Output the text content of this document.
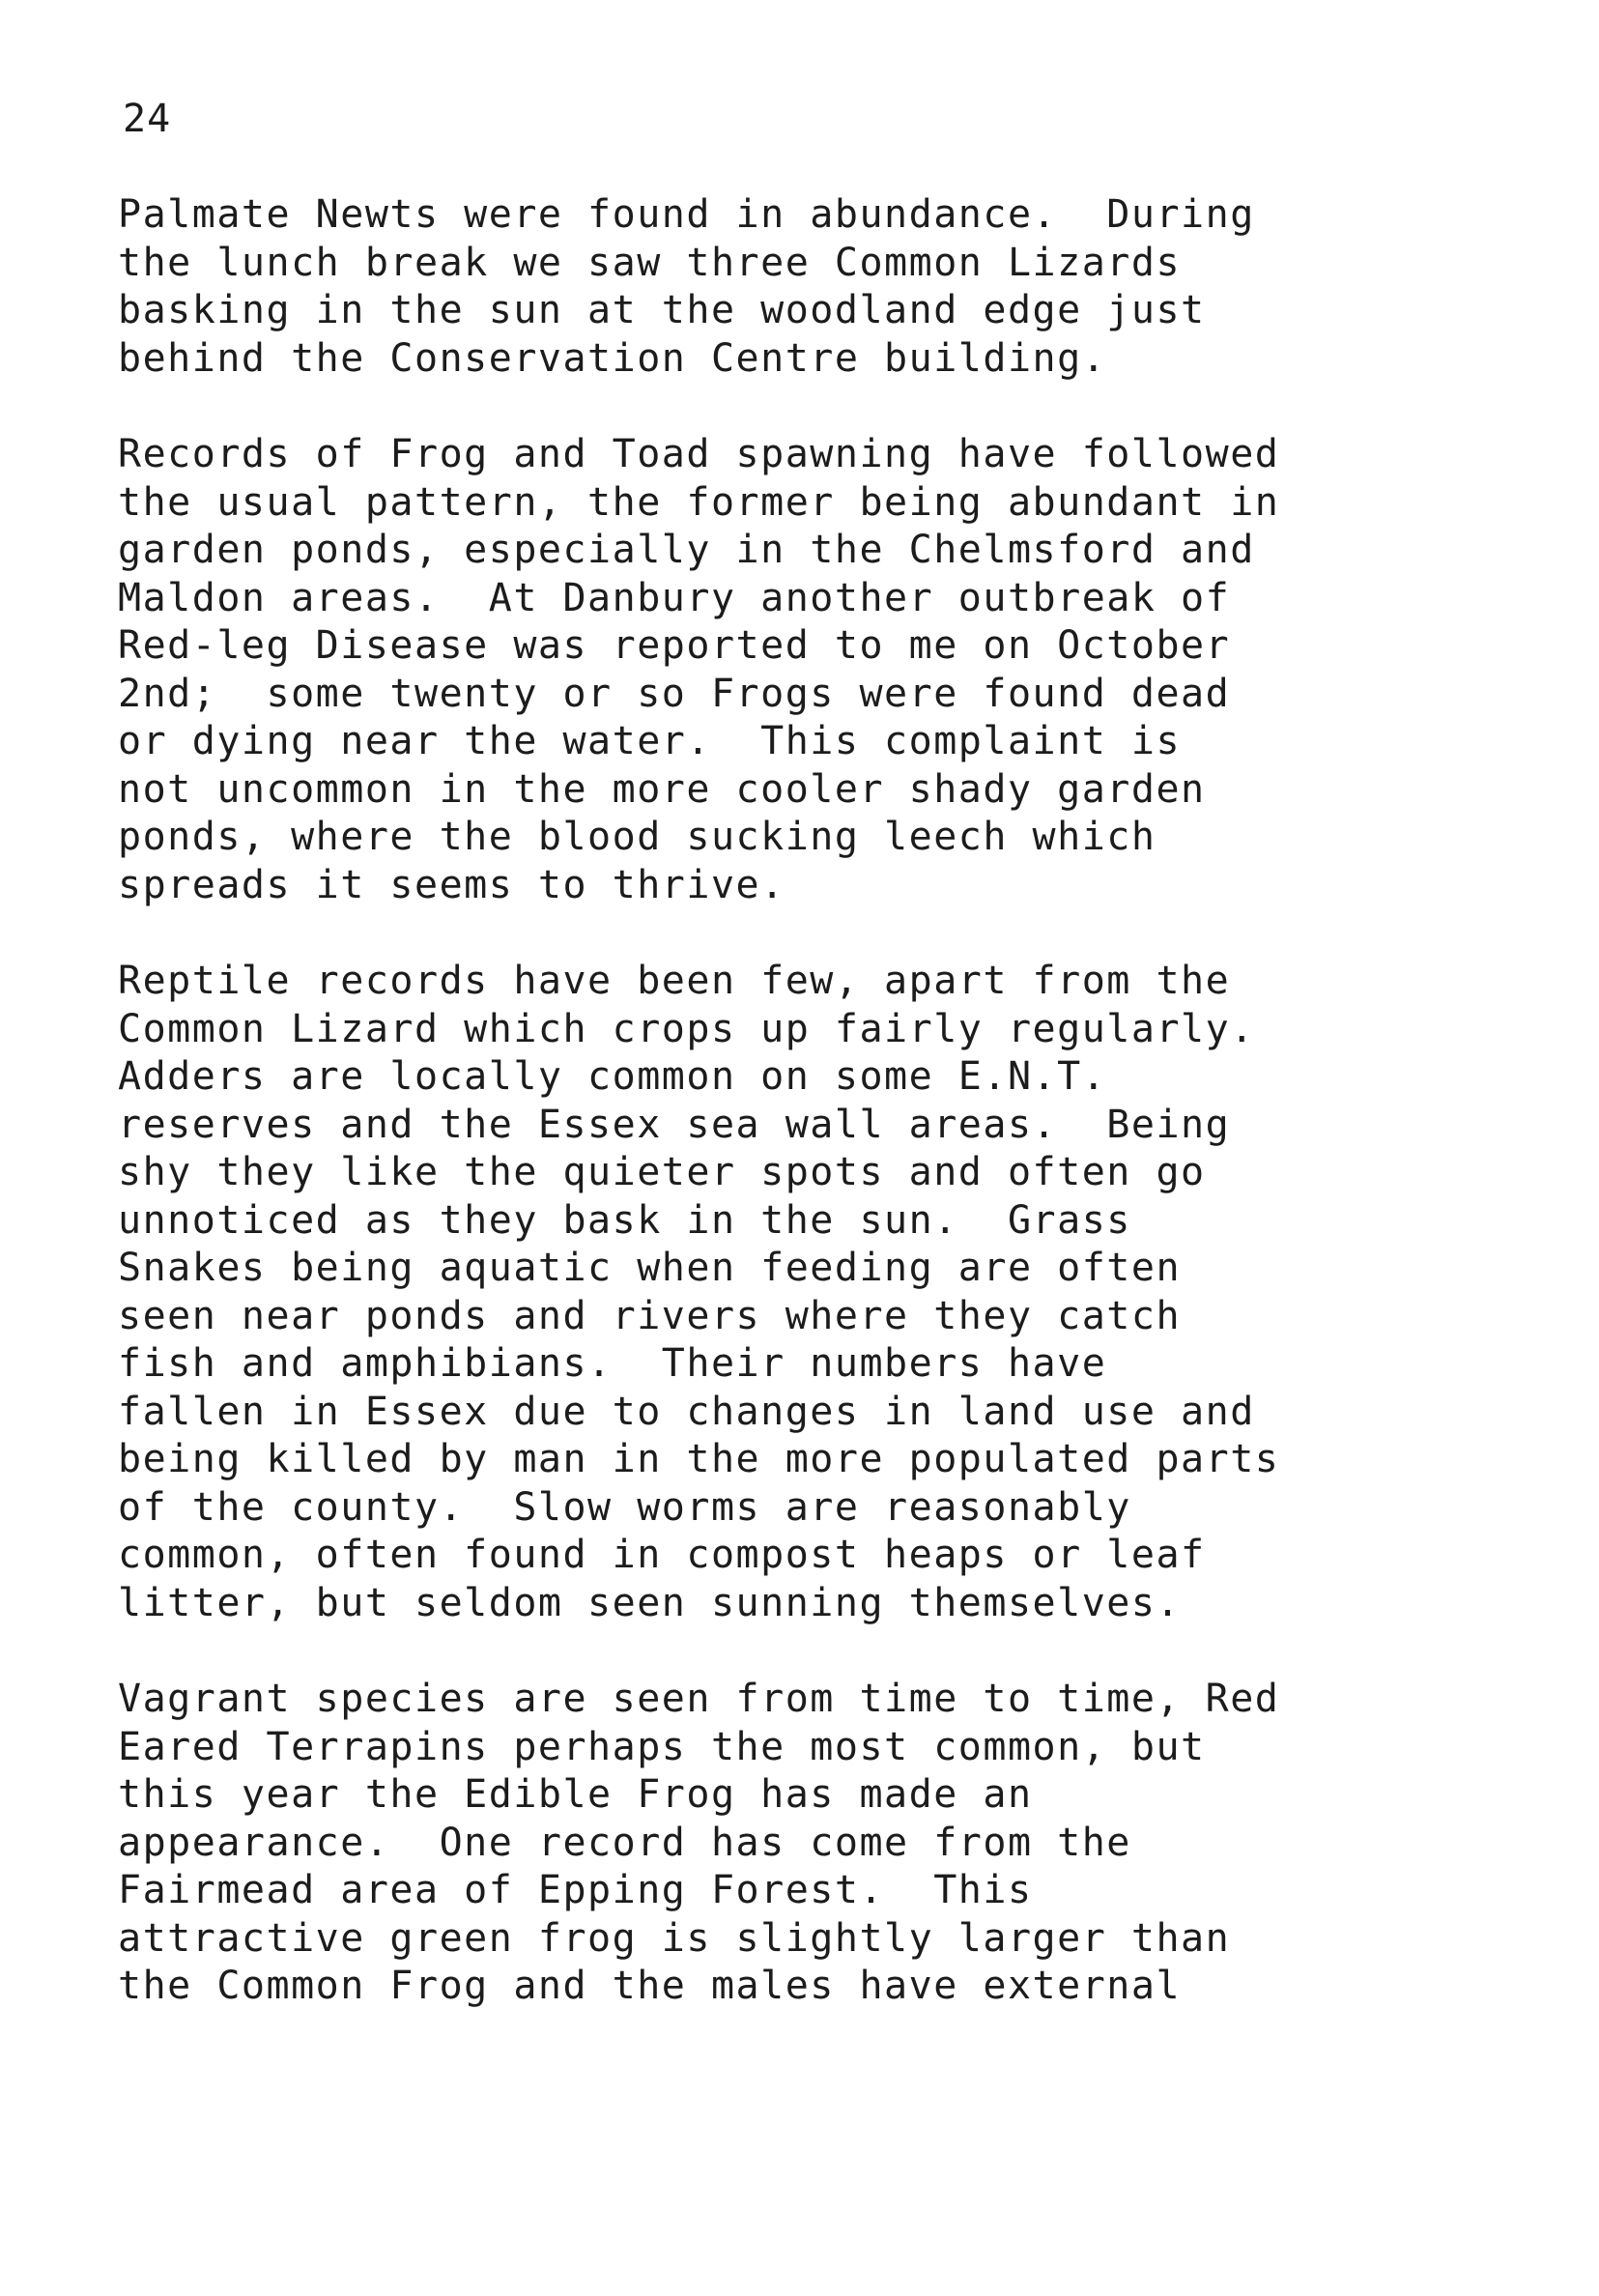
24
Palmate Newts were found in abundance.  During
the lunch break we saw three Common Lizards
basking in the sun at the woodland edge just
behind the Conservation Centre building.
Records of Frog and Toad spawning have followed
the usual pattern, the former being abundant in
garden ponds, especially in the Chelmsford and
Maldon areas.  At Danbury another outbreak of
Red-leg Disease was reported to me on October
2nd;  some twenty or so Frogs were found dead
or dying near the water.  This complaint is
not uncommon in the more cooler shady garden
ponds, where the blood sucking leech which
spreads it seems to thrive.
Reptile records have been few, apart from the
Common Lizard which crops up fairly regularly.
Adders are locally common on some E.N.T.
reserves and the Essex sea wall areas.  Being
shy they like the quieter spots and often go
unnoticed as they bask in the sun.  Grass
Snakes being aquatic when feeding are often
seen near ponds and rivers where they catch
fish and amphibians.  Their numbers have
fallen in Essex due to changes in land use and
being killed by man in the more populated parts
of the county.  Slow worms are reasonably
common, often found in compost heaps or leaf
litter, but seldom seen sunning themselves.
Vagrant species are seen from time to time, Red
Eared Terrapins perhaps the most common, but
this year the Edible Frog has made an
appearance.  One record has come from the
Fairmead area of Epping Forest.  This
attractive green frog is slightly larger than
the Common Frog and the males have external
